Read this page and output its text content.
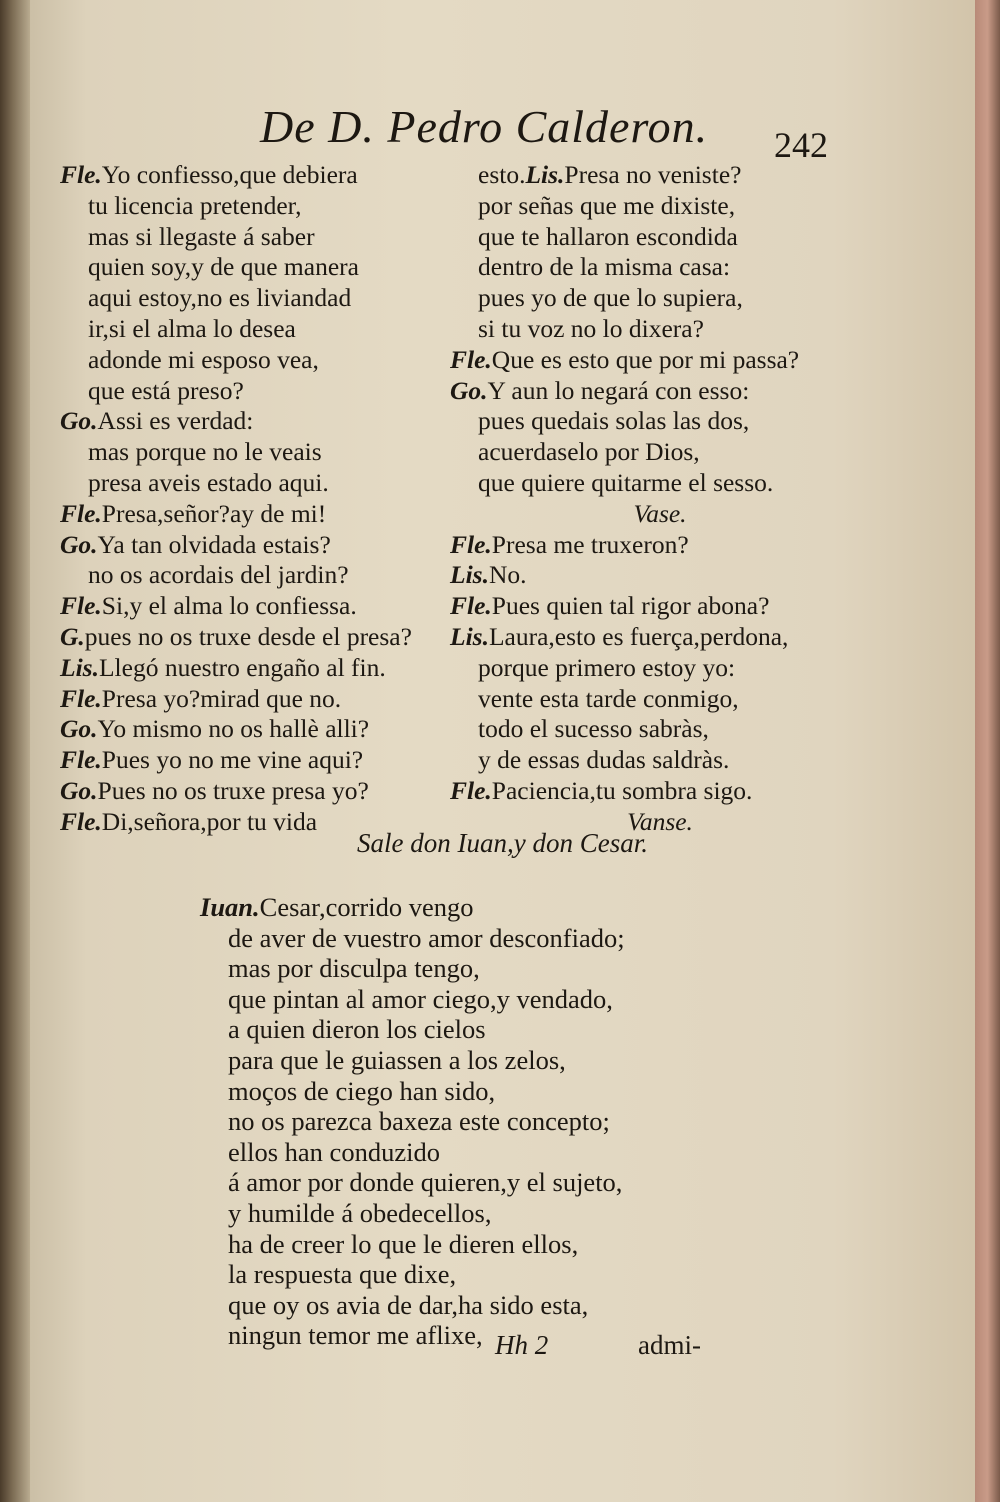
De D. Pedro Calderon. 242
Fle.Yo confiesso,que debiera
tu licencia pretender,
mas si llegaste á saber
quien soy,y de que manera
aqui estoy,no es liviandad
ir,si el alma lo desea
adonde mi esposo vea,
que está preso?
Go.Assi es verdad:
mas porque no le veais
presa aveis estado aqui.
Fle.Presa,señor?ay de mi!
Go.Ya tan olvidada estais?
no os acordais del jardin?
Fle.Si,y el alma lo confiessa.
G.pues no os truxe desde el presa?
Lis.Llegó nuestro engaño al fin.
Fle.Presa yo?mirad que no.
Go.Yo mismo no os hallè alli?
Fle.Pues yo no me vine aqui?
Go.Pues no os truxe presa yo?
Fle.Di,señora,por tu vida
esto.Lis.Presa no veniste?
por señas que me dixiste,
que te hallaron escondida
dentro de la misma casa:
pues yo de que lo supiera,
si tu voz no lo dixera?
Fle.Que es esto que por mi passa?
Go.Y aun lo negará con esso:
pues quedais solas las dos,
acuerdaselo por Dios,
que quiere quitarme el sesso.
Vase.
Fle.Presa me truxeron?
Lis.No.
Fle.Pues quien tal rigor abona?
Lis.Laura,esto es fuerça,perdona,
porque primero estoy yo:
vente esta tarde conmigo,
todo el sucesso sabràs,
y de essas dudas saldràs.
Fle.Paciencia,tu sombra sigo.
Vanse.
Sale don Iuan,y don Cesar.
Iuan.Cesar,corrido vengo
de aver de vuestro amor desconfiado;
mas por disculpa tengo,
que pintan al amor ciego,y vendado,
a quien dieron los cielos
para que le guiassen a los zelos,
moços de ciego han sido,
no os parezca baxeza este concepto;
ellos han conduzido
á amor por donde quieren,y el sujeto,
y humilde á obedecellos,
ha de creer lo que le dieren ellos,
la respuesta que dixe,
que oy os avia de dar,ha sido esta,
ningun temor me aflixe, Hh 2	admi-
